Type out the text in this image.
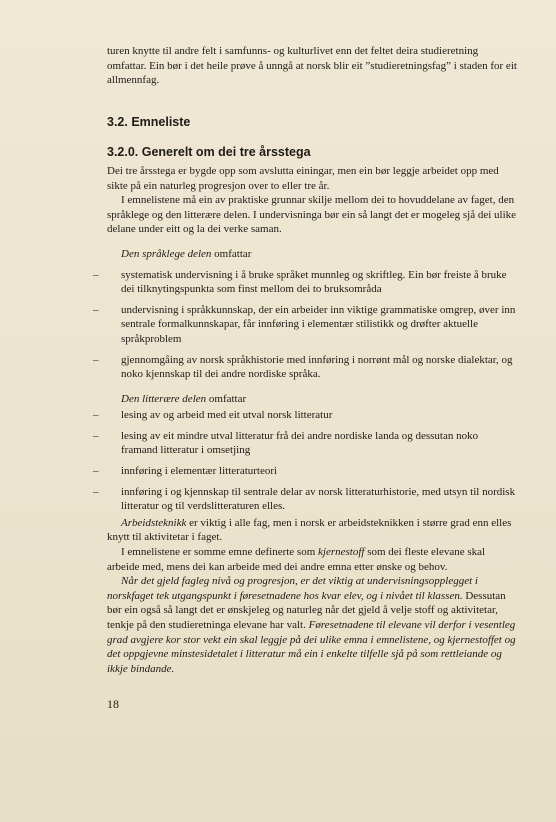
turen knytte til andre felt i samfunns- og kulturlivet enn det feltet deira studieretning omfattar. Ein bør i det heile prøve å unngå at norsk blir eit ”studieretningsfag” i staden for eit allmennfag.

3.2. Emneliste
3.2.0. Generelt om dei tre årsstega

Dei tre årsstega er bygde opp som avslutta einingar, men ein bør leggje arbeidet opp med sikte på ein naturleg progresjon over to eller tre år.

I emnelistene må ein av praktiske grunnar skilje mellom dei to hovuddelane av faget, den språklege og den litterære delen. I undervisninga bør ein så langt det er mogeleg sjå dei ulike delane under eitt og la dei verke saman.

Den språklege delen omfattar

– systematisk undervisning i å bruke språket munnleg og skriftleg. Ein bør freiste å bruke dei tilknytingspunkta som finst mellom dei to bruksområda
– undervisning i språkkunnskap, der ein arbeider inn viktige grammatiske omgrep, øver inn sentrale formalkunnskapar, får innføring i elementær stilistikk og drøfter aktuelle språkproblem
– gjennomgåing av norsk språkhistorie med innføring i norrønt mål og norske dialektar, og noko kjennskap til dei andre nordiske språka.

Den litterære delen omfattar

– lesing av og arbeid med eit utval norsk litteratur
– lesing av eit mindre utval litteratur frå dei andre nordiske landa og dessutan noko framand litteratur i omsetjing
– innføring i elementær litteraturteori
– innføring i og kjennskap til sentrale delar av norsk litteraturhistorie, med utsyn til nordisk litteratur og til verdslitteraturen elles.

Arbeidsteknikk er viktig i alle fag, men i norsk er arbeidsteknikken i større grad enn elles knytt til aktivitetar i faget.

I emnelistene er somme emne definerte som kjernestoff som dei fleste elevane skal arbeide med, mens dei kan arbeide med dei andre emna etter ønske og behov.

Når det gjeld fagleg nivå og progresjon, er det viktig at undervisningsopplegget i norskfaget tek utgangspunkt i føresetnadene hos kvar elev, og i nivået til klassen. Dessutan bør ein også så langt det er ønskjeleg og naturleg når det gjeld å velje stoff og aktivitetar, tenkje på den studieretninga elevane har valt. Føresetnadene til elevane vil derfor i vesentleg grad avgjere kor stor vekt ein skal leggje på dei ulike emna i emnelistene, og kjernestoffet og det oppgjevne minstesidetalet i litteratur må ein i enkelte tilfelle sjå på som rettleiande og ikkje bindande.

18
